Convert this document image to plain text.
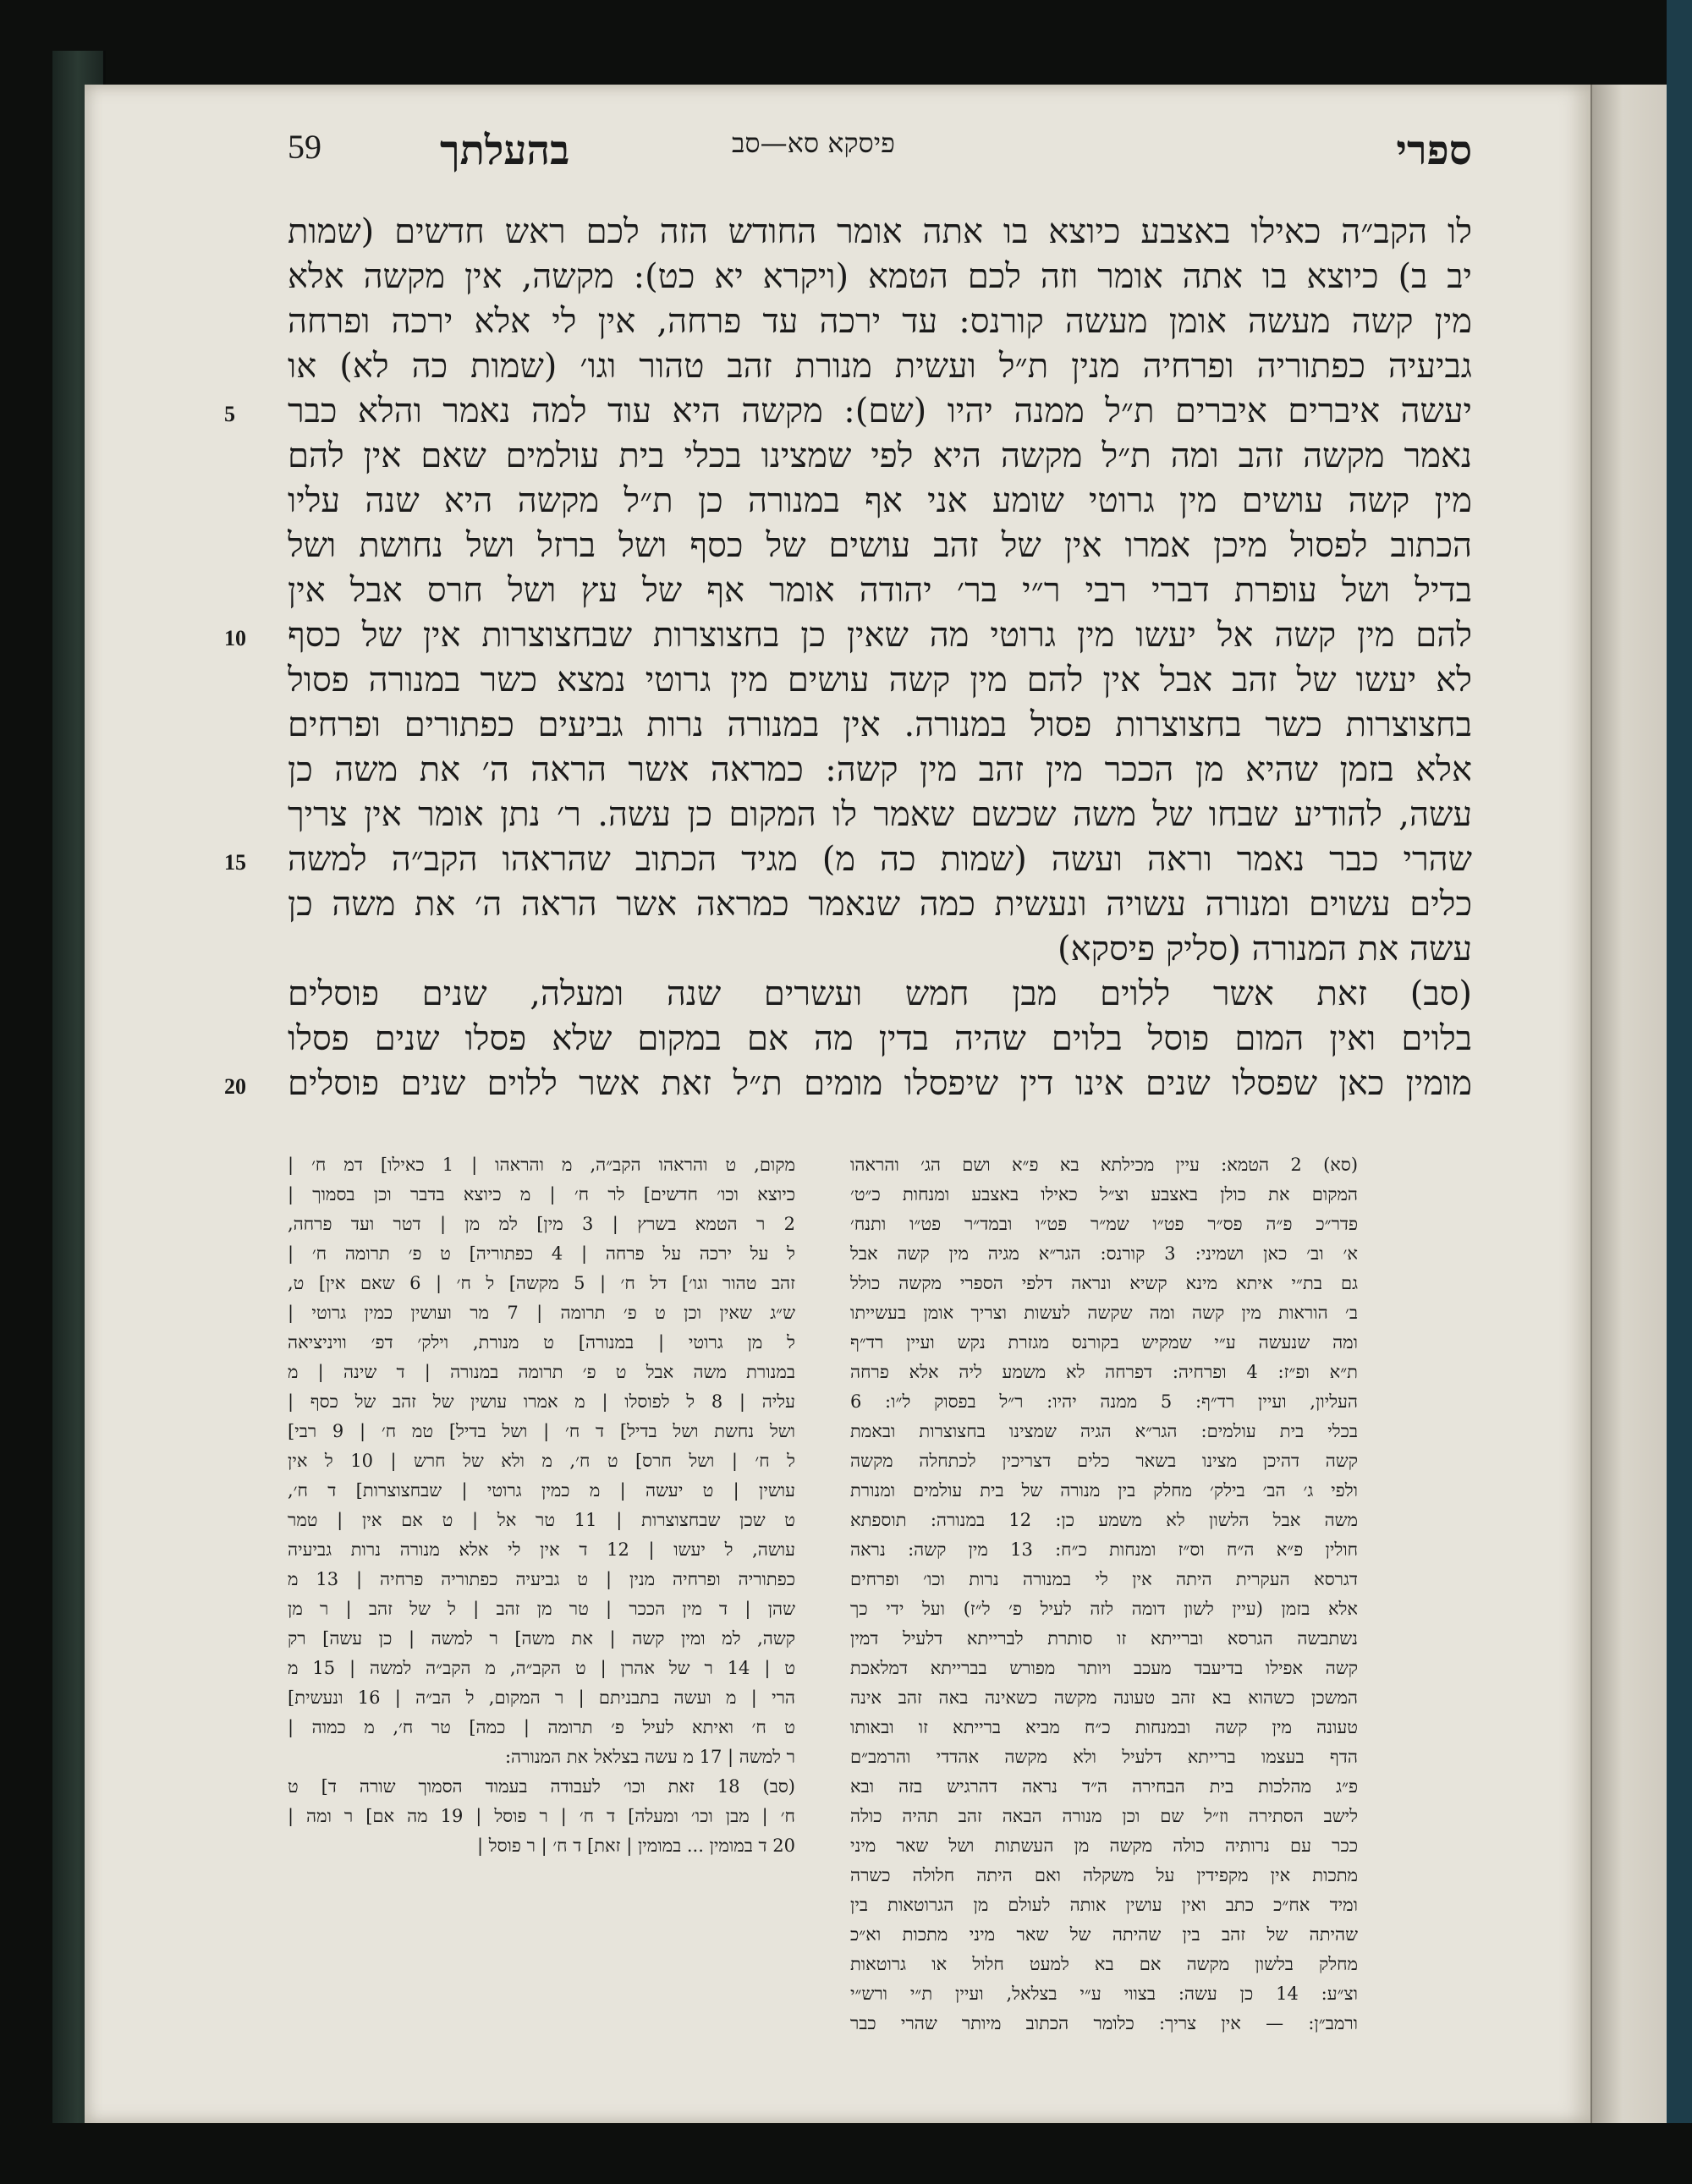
59	בהעלתך	פיסקא סא—סב	ספרי
5
10
15
20
לו הקב״ה כאילו באצבע כיוצא בו אתה אומר החודש הזה לכם ראש חדשים (שמות
יב ב) כיוצא בו אתה אומר וזה לכם הטמא (ויקרא יא כט): מקשה, אין מקשה אלא
מין קשה מעשה אומן מעשה קורנס: עד ירכה עד פרחה, אין לי אלא ירכה ופרחה
גביעיה כפתוריה ופרחיה מנין ת״ל ועשית מנורת זהב טהור וגו׳ (שמות כה לא) או
יעשה איברים איברים ת״ל ממנה יהיו (שם): מקשה היא עוד למה נאמר והלא כבר
נאמר מקשה זהב ומה ת״ל מקשה היא לפי שמצינו בכלי בית עולמים שאם אין להם
מין קשה עושים מין גרוטי שומע אני אף במנורה כן ת״ל מקשה היא שנה עליו
הכתוב לפסול מיכן אמרו אין של זהב עושים של כסף ושל ברזל ושל נחושת ושל
בדיל ושל עופרת דברי רבי ר״י בר׳ יהודה אומר אף של עץ ושל חרס אבל אין
להם מין קשה אל יעשו מין גרוטי מה שאין כן בחצוצרות שבחצוצרות אין של כסף
לא יעשו של זהב אבל אין להם מין קשה עושים מין גרוטי נמצא כשר במנורה פסול
בחצוצרות כשר בחצוצרות פסול במנורה. אין במנורה נרות גביעים כפתורים ופרחים
אלא בזמן שהיא מן הככר מין זהב מין קשה: כמראה אשר הראה ה׳ את משה כן
עשה, להודיע שבחו של משה שכשם שאמר לו המקום כן עשה. ר׳ נתן אומר אין צריך
שהרי כבר נאמר וראה ועשה (שמות כה מ) מגיד הכתוב שהראהו הקב״ה למשה
כלים עשוים ומנורה עשויה ונעשית כמה שנאמר כמראה אשר הראה ה׳ את משה כן
עשה את המנורה (סליק פיסקא)
(סב) זאת אשר ללוים מבן חמש ועשרים שנה ומעלה, שנים פוסלים
בלוים ואין המום פוסל בלוים שהיה בדין מה אם במקום שלא פסלו שנים פסלו
מומין כאן שפסלו שנים אינו דין שיפסלו מומים ת״ל זאת אשר ללוים שנים פוסלים
(סא) 2 הטמא: עיין מכילתא בא פ״א ושם הג׳ והראהו
המקום את כולן באצבע וצ״ל כאילו באצבע ומנחות כ״ט׳
פדר״כ פ״ה פס״ר פט״ו שמ״ר פט״ו ובמד״ר פט״ו ותנח׳
א׳ וב׳ כאן ושמיני: 3 קורנס: הגר״א מגיה מין קשה אבל
גם בת״י איתא מינא קשיא ונראה דלפי הספרי מקשה כולל
ב׳ הוראות מין קשה ומה שקשה לעשות וצריך אומן בעשייתו
ומה שנעשה ע״י שמקיש בקורנס מגזרת נקש ועיין רד״ף
ת״א ופ״ז: 4 ופרחיה: דפרחה לא משמע ליה אלא פרחה
העליון, ועיין רד״ף: 5 ממנה יהיו: ר״ל בפסוק ל״ו: 6
בכלי בית עולמים: הגר״א הגיה שמצינו בחצוצרות ובאמת
קשה דהיכן מצינו בשאר כלים דצריכין לכתחלה מקשה
ולפי ג׳ הב׳ בילק׳ מחלק בין מנורה של בית עולמים ומנורת
משה אבל הלשון לא משמע כן: 12 במנורה: תוספתא
חולין פ״א ה״ח וס״ז ומנחות כ״ח: 13 מין קשה: נראה
דגרסא העקרית היתה אין לי במנורה נרות וכו׳ ופרחים
אלא בזמן (עיין לשון דומה לזה לעיל פ׳ ל״ז) ועל ידי כך
נשתבשה הגרסא וברייתא זו סותרת לברייתא דלעיל דמין
קשה אפילו בדיעבד מעכב ויותר מפורש בברייתא דמלאכת
המשכן כשהוא בא זהב טעונה מקשה כשאינה באה זהב אינה
טעונה מין קשה ובמנחות כ״ח מביא ברייתא זו ובאותו
הדף בעצמו ברייתא דלעיל ולא מקשה אהדדי והרמב״ם
פ״ג מהלכות בית הבחירה ה״ד נראה דהרגיש בזה ובא
לישב הסתירה וז״ל שם וכן מנורה הבאה זהב תהיה כולה
ככר עם נרותיה כולה מקשה מן העשתות ושל שאר מיני
מתכות אין מקפידין על משקלה ואם היתה חלולה כשרה
ומיד אח״כ כתב ואין עושין אותה לעולם מן הגרוטאות בין
שהיתה של זהב בין שהיתה של שאר מיני מתכות וא״כ
מחלק בלשון מקשה אם בא למעט חלול או גרוטאות
וצ״ע: 14 כן עשה: בצווי ע״י בצלאל, ועיין ת״י ורש״י
ורמב״ן: — אין צריך: כלומר הכתוב מיותר שהרי כבר
מקום, ט והראהו הקב״ה, מ והראהו | 1 כאילו] דמ ח׳ |
כיוצא וכו׳ חדשים] לר ח׳ | מ כיוצא בדבר וכן בסמוך |
2 ר הטמא בשרץ | 3 מין] למ מן | דטר ועד פרחה,
ל על ירכה על פרחה | 4 כפתוריה] ט פ׳ תרומה ח׳ |
זהב טהור וגו׳] דל ח׳ | 5 מקשה] ל ח׳ | 6 שאם אין] ט,
ש״ג שאין וכן ט פ׳ תרומה | 7 מר ועושין כמין גרוטי |
ל מן גרוטי | במנורה] ט מנורת, וילק׳ דפ׳ וויניציאה
במנורת משה אבל ט פ׳ תרומה במנורה | ד שינה | מ
עליה | 8 ל לפוסלו | מ אמרו עושין של זהב של כסף |
ושל נחשת ושל בדיל] ד ח׳ | ושל בדיל] טמ ח׳ | 9 רבי]
ל ח׳ | ושל חרס] ט ח׳, מ ולא של חרש | 10 ל אין
עושין | ט יעשה | מ כמין גרוטי | שבחצוצרות] ד ח׳,
ט שכן שבחצוצרות | 11 טר אל | ט אם אין | טמר
עושה, ל יעשו | 12 ד אין לי אלא מנורה נרות גביעיה
כפתוריה ופרחיה מנין | ט גביעיה כפתוריה פרחיה | 13 מ
שהן | ד מין הככר | טר מן זהב | ל של זהב | ר מן
קשה, למ ומין קשה | את משה] ר למשה | כן עשה] רק
ט | 14 ר של אהרן | ט הקב״ה, מ הקב״ה למשה | 15 מ
הרי | מ ועשה בתבניתם | ר המקום, ל הב״ה | 16 ונעשית]
ט ח׳ ואיתא לעיל פ׳ תרומה | כמה] טר ח׳, מ כמוה |
ר למשה | 17 מ עשה בצלאל את המנורה:
(סב) 18 זאת וכו׳ לעבודה בעמוד הסמוך שורה ד] ט
ח׳ | מבן וכו׳ ומעלה] ד ח׳ | ר פוסל | 19 מה אם] ר ומה |
20 ד במומין ... במומין | זאת] ד ח׳ | ר פוסל |
